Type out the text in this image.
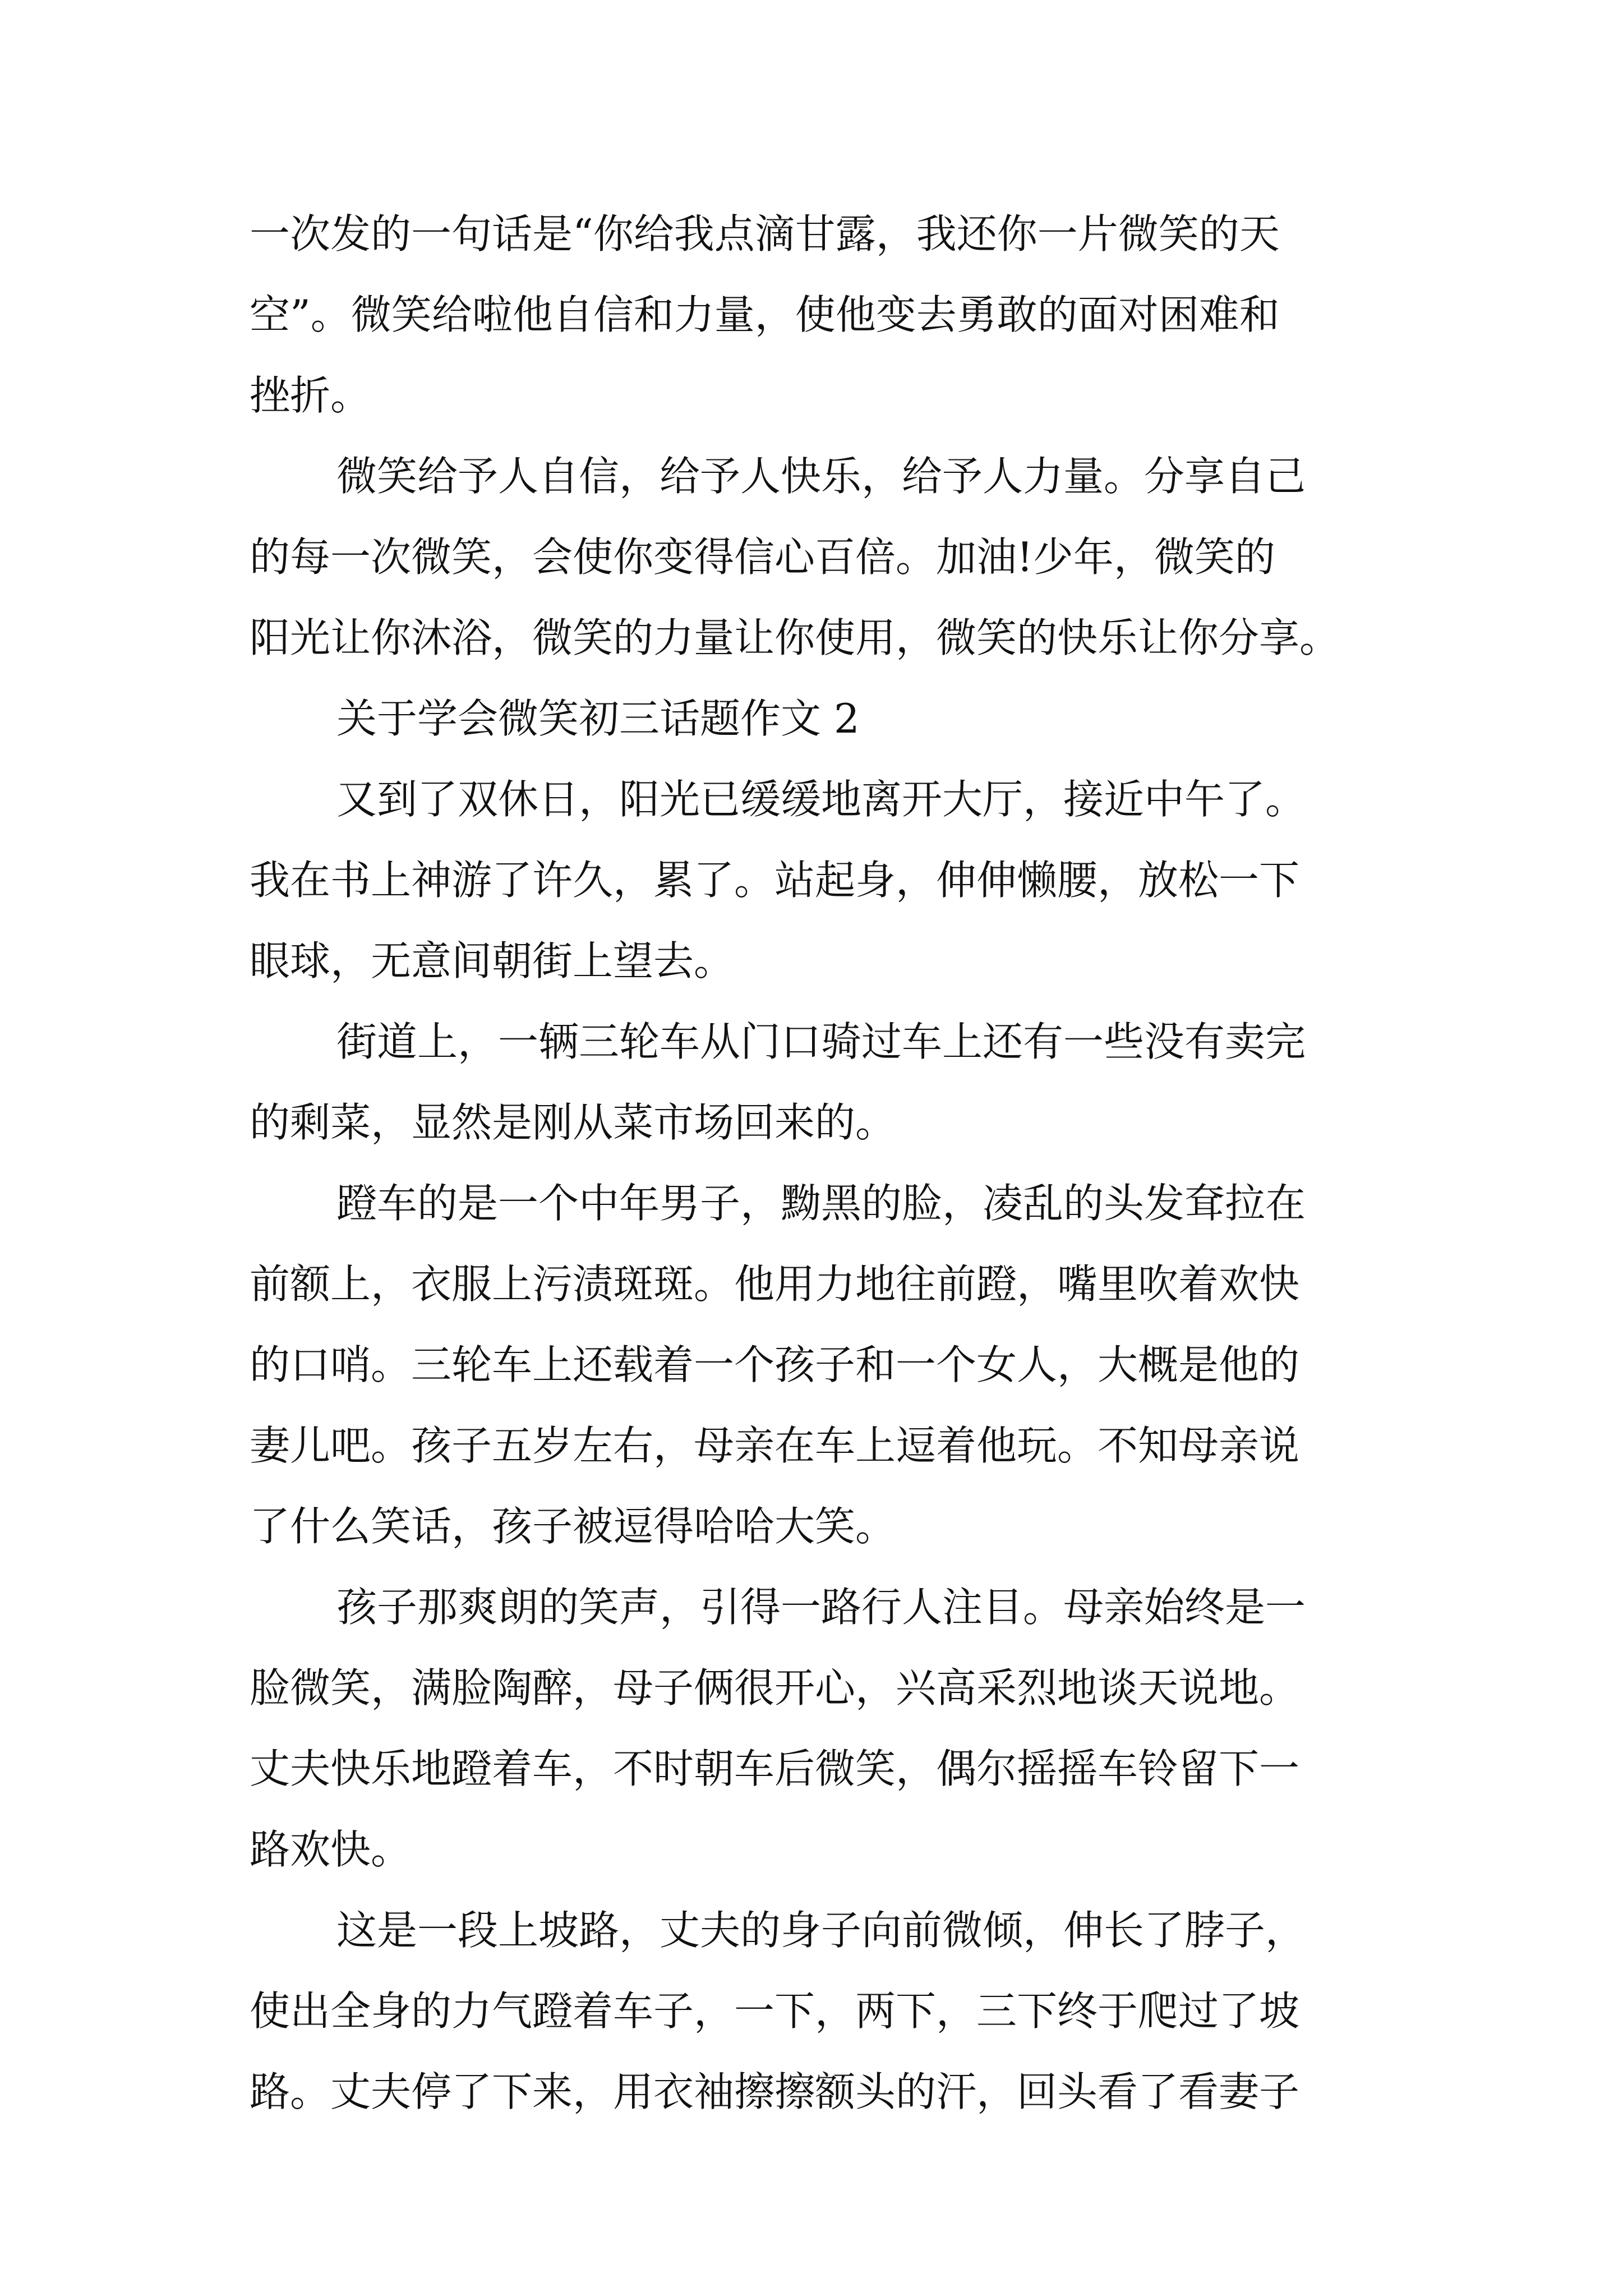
一次发的一句话是“你给我点滴甘露，我还你一片微笑的天
空”。微笑给啦他自信和力量，使他变去勇敢的面对困难和
挫折。
微笑给予人自信，给予人快乐，给予人力量。分享自己
的每一次微笑，会使你变得信心百倍。加油!少年，微笑的
阳光让你沐浴，微笑的力量让你使用，微笑的快乐让你分享。
关于学会微笑初三话题作文 2
又到了双休日，阳光已缓缓地离开大厅，接近中午了。
我在书上神游了许久，累了。站起身，伸伸懒腰，放松一下
眼球，无意间朝街上望去。
街道上，一辆三轮车从门口骑过车上还有一些没有卖完
的剩菜，显然是刚从菜市场回来的。
蹬车的是一个中年男子，黝黑的脸，凌乱的头发耷拉在
前额上，衣服上污渍斑斑。他用力地往前蹬，嘴里吹着欢快
的口哨。三轮车上还载着一个孩子和一个女人，大概是他的
妻儿吧。孩子五岁左右，母亲在车上逗着他玩。不知母亲说
了什么笑话，孩子被逗得哈哈大笑。
孩子那爽朗的笑声，引得一路行人注目。母亲始终是一
脸微笑，满脸陶醉，母子俩很开心，兴高采烈地谈天说地。
丈夫快乐地蹬着车，不时朝车后微笑，偶尔摇摇车铃留下一
路欢快。
这是一段上坡路，丈夫的身子向前微倾，伸长了脖子，
使出全身的力气蹬着车子，一下，两下，三下终于爬过了坡
路。丈夫停了下来，用衣袖擦擦额头的汗，回头看了看妻子
